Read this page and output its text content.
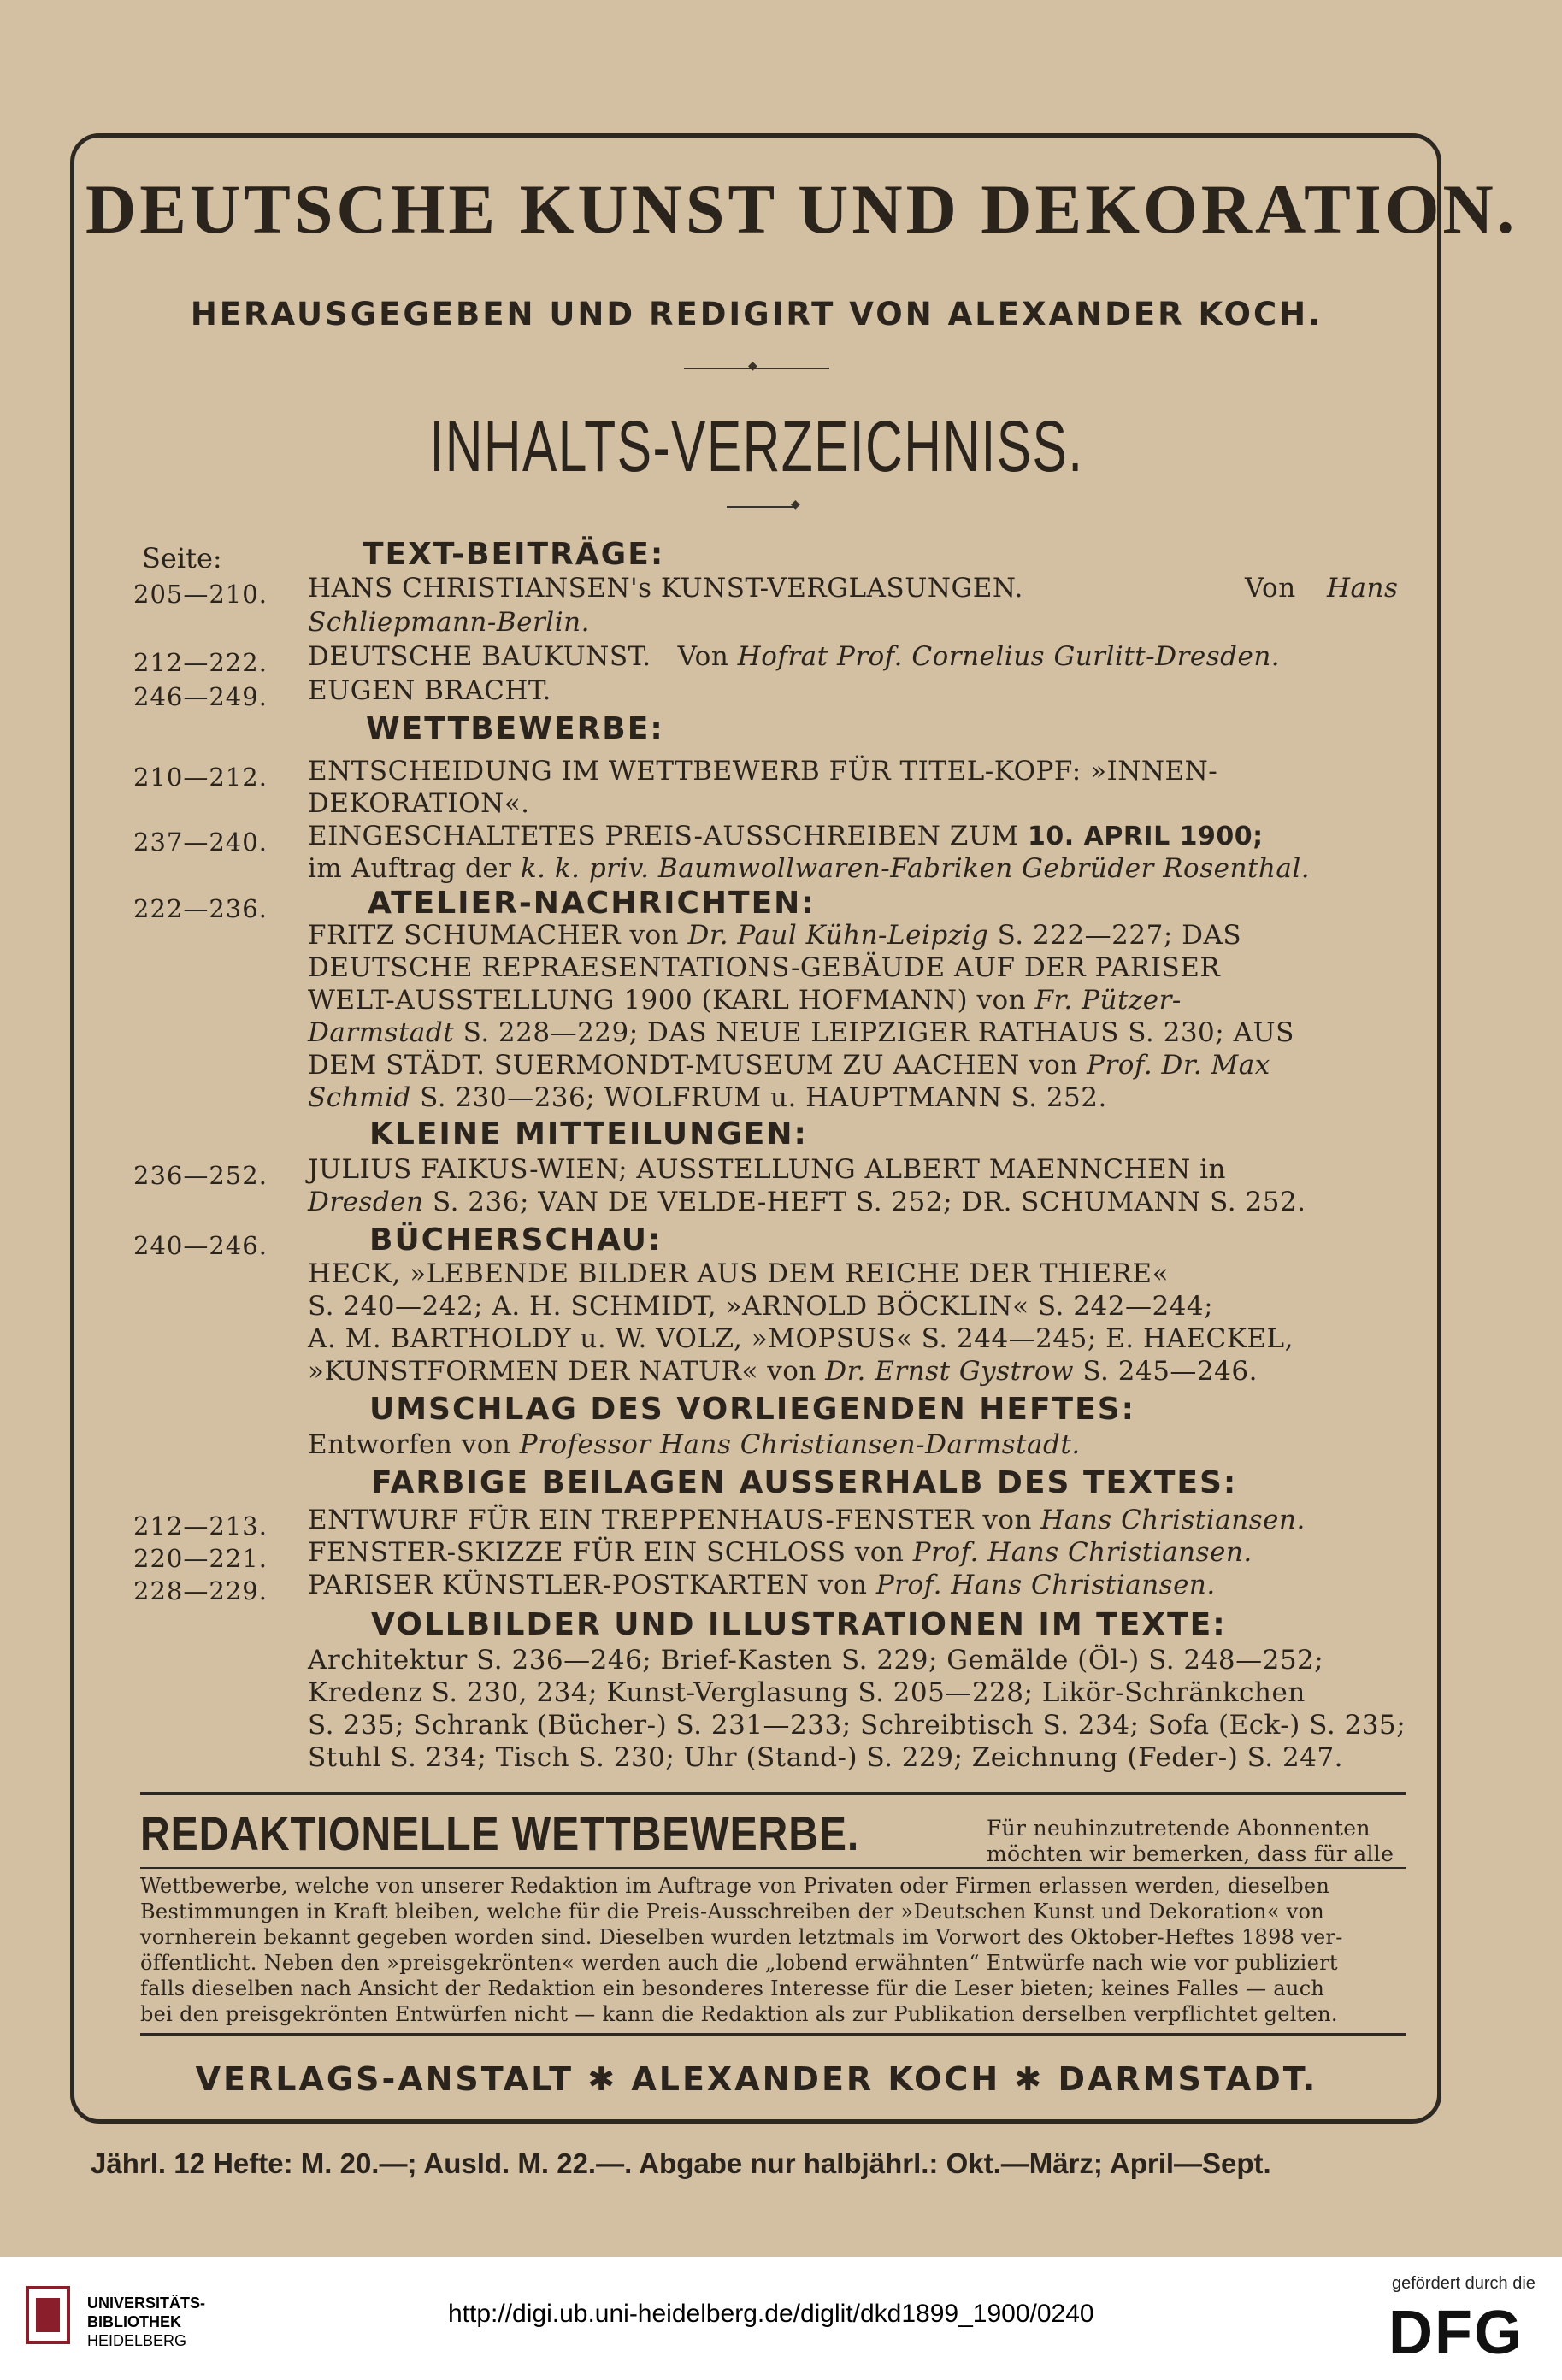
DEUTSCHE KUNST UND DEKORATION.
HERAUSGEGEBEN UND REDIGIRT VON ALEXANDER KOCH.
◆
INHALTS-VERZEICHNISS.
◆
Seite:	TEXT-BEITRÄGE:
205—210. HANS CHRISTIANSEN's KUNST-VERGLASUNGEN.	Von Hans
Schliepmann-Berlin.
212—222. DEUTSCHE BAUKUNST. Von Hofrat Prof. Cornelius Gurlitt-Dresden.
246—249. EUGEN BRACHT.
WETTBEWERBE:
210—212. ENTSCHEIDUNG IM WETTBEWERB FÜR TITEL-KOPF: »INNEN-
DEKORATION«.
237—240. EINGESCHALTETES PREIS-AUSSCHREIBEN ZUM 10. APRIL 1900;
im Auftrag der k. k. priv. Baumwollwaren-Fabriken Gebrüder Rosenthal.
222—236.	ATELIER-NACHRICHTEN:
FRITZ SCHUMACHER von Dr. Paul Kühn-Leipzig S. 222—227; DAS
DEUTSCHE REPRAESENTATIONS-GEBÄUDE AUF DER PARISER
WELT-AUSSTELLUNG 1900 (KARL HOFMANN) von Fr. Pützer-
Darmstadt S. 228—229; DAS NEUE LEIPZIGER RATHAUS S. 230; AUS
DEM STÄDT. SUERMONDT-MUSEUM ZU AACHEN von Prof. Dr. Max
Schmid S. 230—236; WOLFRUM u. HAUPTMANN S. 252.
KLEINE MITTEILUNGEN:
236—252. JULIUS FAIKUS-WIEN; AUSSTELLUNG ALBERT MAENNCHEN in
Dresden S. 236; VAN DE VELDE-HEFT S. 252; DR. SCHUMANN S. 252.
240—246.	BÜCHERSCHAU:
HECK, »LEBENDE BILDER AUS DEM REICHE DER THIERE«
S. 240—242; A. H. SCHMIDT, »ARNOLD BÖCKLIN« S. 242—244;
A. M. BARTHOLDY u. W. VOLZ, »MOPSUS« S. 244—245; E. HAECKEL,
»KUNSTFORMEN DER NATUR« von Dr. Ernst Gystrow S. 245—246.
UMSCHLAG DES VORLIEGENDEN HEFTES:
Entworfen von Professor Hans Christiansen-Darmstadt.
FARBIGE BEILAGEN AUSSERHALB DES TEXTES:
212—213. ENTWURF FÜR EIN TREPPENHAUS-FENSTER von Hans Christiansen.
220—221. FENSTER-SKIZZE FÜR EIN SCHLOSS von Prof. Hans Christiansen.
228—229. PARISER KÜNSTLER-POSTKARTEN von Prof. Hans Christiansen.
VOLLBILDER UND ILLUSTRATIONEN IM TEXTE:
Architektur S. 236—246; Brief-Kasten S. 229; Gemälde (Öl-) S. 248—252;
Kredenz S. 230, 234; Kunst-Verglasung S. 205—228; Likör-Schränkchen
S. 235; Schrank (Bücher-) S. 231—233; Schreibtisch S. 234; Sofa (Eck-) S. 235;
Stuhl S. 234; Tisch S. 230; Uhr (Stand-) S. 229; Zeichnung (Feder-) S. 247.
REDAKTIONELLE WETTBEWERBE.	Für neuhinzutretende Abonnenten
möchten wir bemerken, dass für alle
Wettbewerbe, welche von unserer Redaktion im Auftrage von Privaten oder Firmen erlassen werden, dieselben
Bestimmungen in Kraft bleiben, welche für die Preis-Ausschreiben der »Deutschen Kunst und Dekoration« von
vornherein bekannt gegeben worden sind. Dieselben wurden letztmals im Vorwort des Oktober-Heftes 1898 ver-
öffentlicht. Neben den »preisgekrönten« werden auch die „lobend erwähnten“ Entwürfe nach wie vor publiziert
falls dieselben nach Ansicht der Redaktion ein besonderes Interesse für die Leser bieten; keines Falles — auch
bei den preisgekrönten Entwürfen nicht — kann die Redaktion als zur Publikation derselben verpflichtet gelten.
VERLAGS-ANSTALT ✱ ALEXANDER KOCH ✱ DARMSTADT.
Jährl. 12 Hefte: M. 20.—; Ausld. M. 22.—. Abgabe nur halbjährl.: Okt.—März; April—Sept.
UNIVERSITÄTS-
BIBLIOTHEK
HEIDELBERG
http://digi.ub.uni-heidelberg.de/diglit/dkd1899_1900/0240
gefördert durch die
DFG
